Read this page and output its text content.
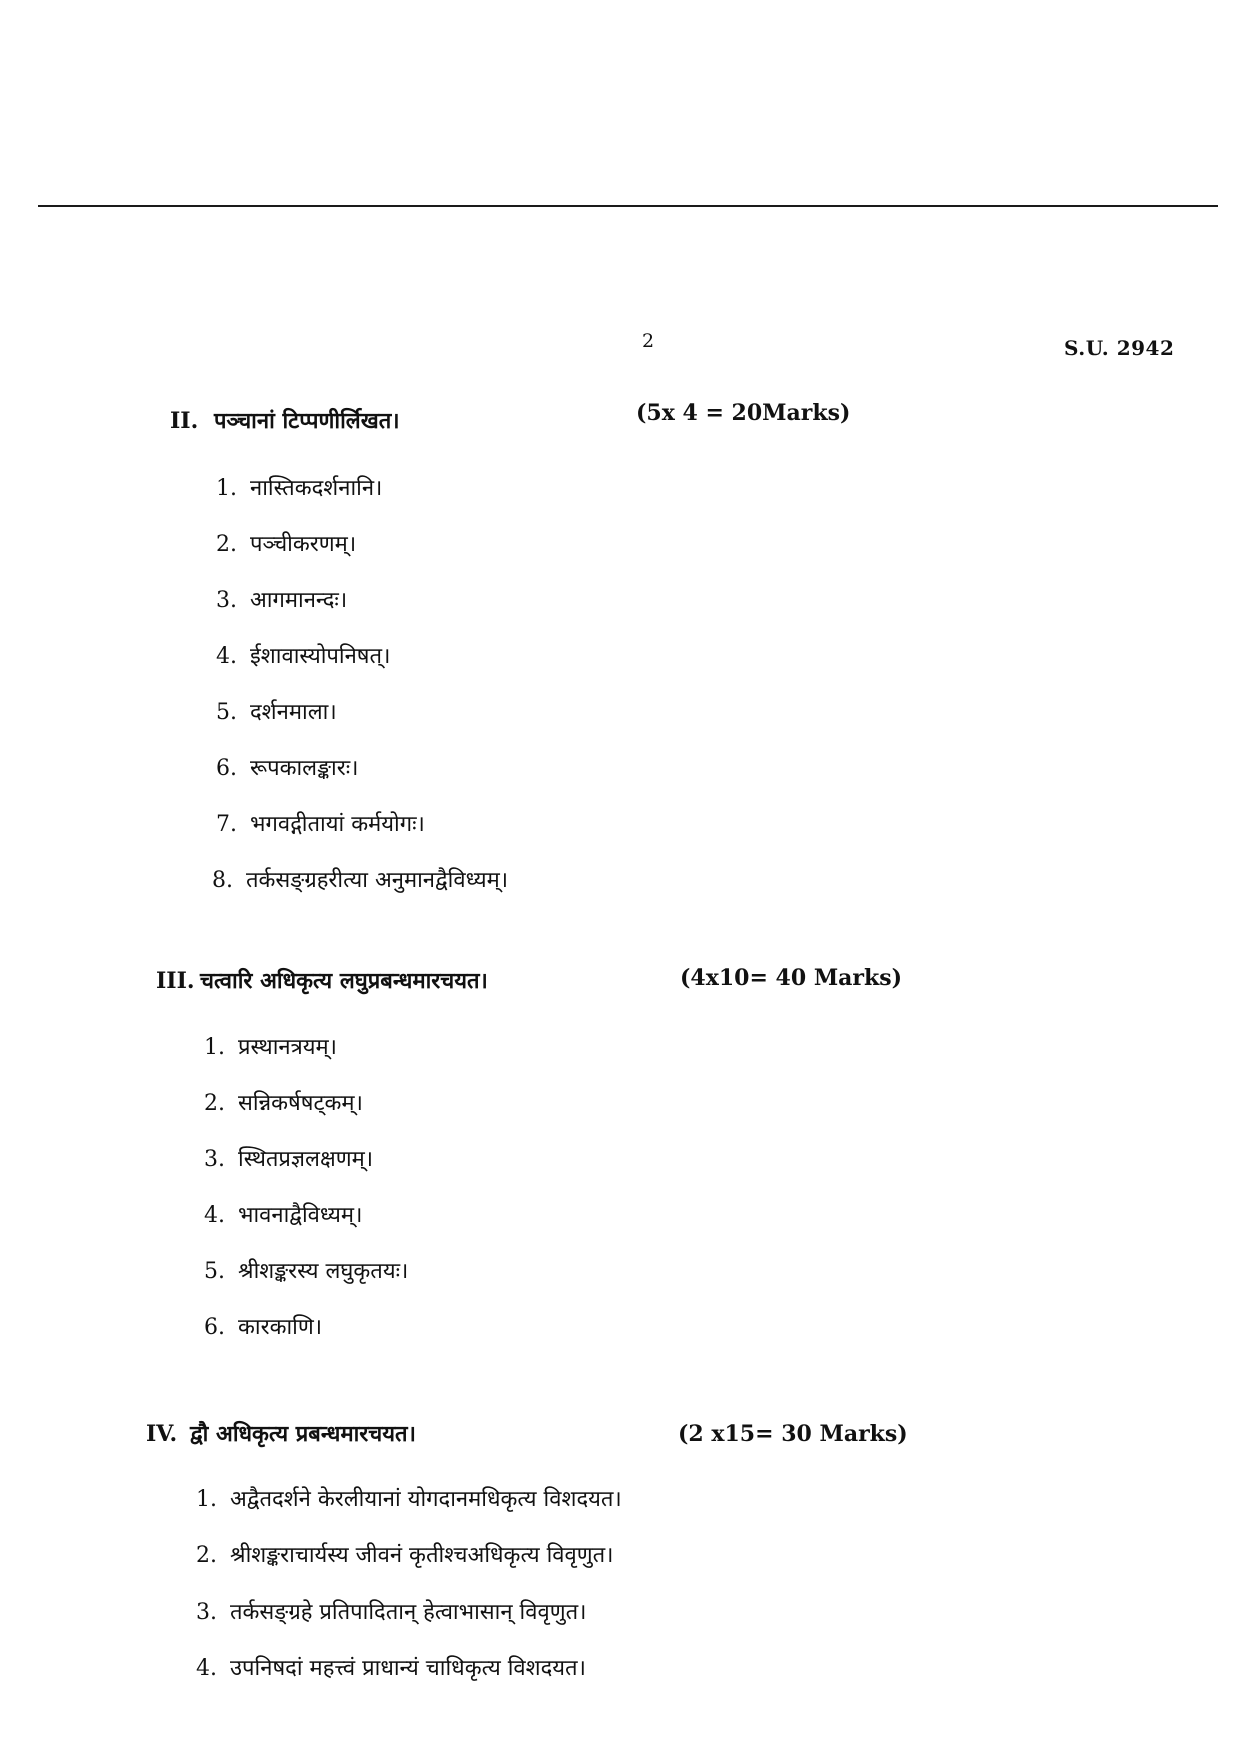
2	S.U. 2942
II. पञ्चानां टिप्पणीर्लिखत।	(5x 4 = 20Marks)
1. नास्तिकदर्शनानि।
2. पञ्चीकरणम्।
3. आगमानन्दः।
4. ईशावास्योपनिषत्।
5. दर्शनमाला।
6. रूपकालङ्कारः।
7. भगवद्गीतायां कर्मयोगः।
8. तर्कसङ्ग्रहरीत्या अनुमानद्वैविध्यम्।
III. चत्वारि अधिकृत्य लघुप्रबन्धमारचयत।	(4x10= 40 Marks)
1. प्रस्थानत्रयम्।
2. सन्निकर्षषट्कम्।
3. स्थितप्रज्ञलक्षणम्।
4. भावनाद्वैविध्यम्।
5. श्रीशङ्करस्य लघुकृतयः।
6. कारकाणि।
IV. द्वौ अधिकृत्य प्रबन्धमारचयत।	(2 x15= 30 Marks)
1. अद्वैतदर्शने केरलीयानां योगदानमधिकृत्य विशदयत।
2. श्रीशङ्कराचार्यस्य जीवनं कृतीश्चअधिकृत्य विवृणुत।
3. तर्कसङ्ग्रहे प्रतिपादितान् हेत्वाभासान् विवृणुत।
4. उपनिषदां महत्त्वं प्राधान्यं चाधिकृत्य विशदयत।
